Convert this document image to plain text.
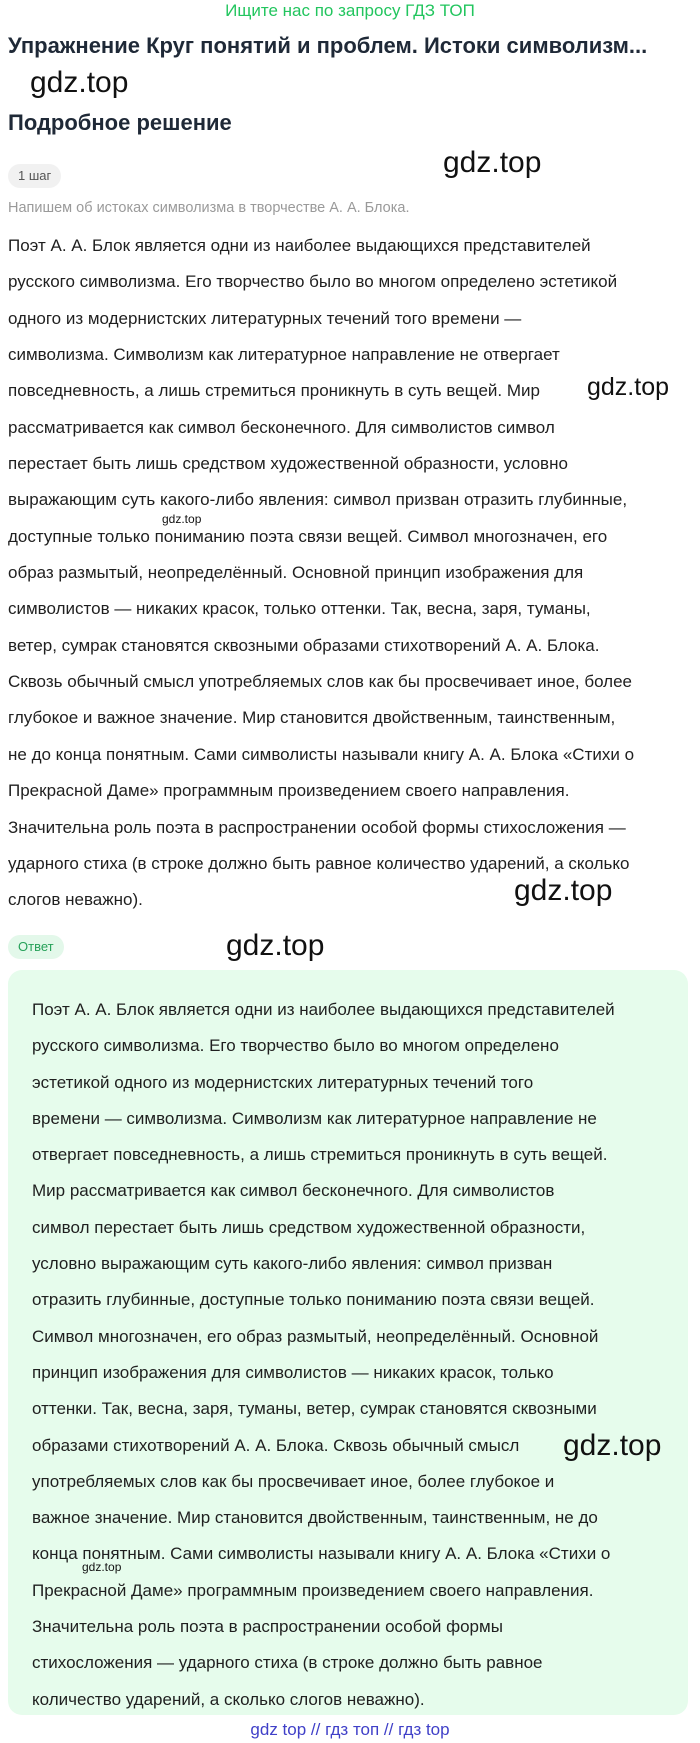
Ищите нас по запросу ГДЗ ТОП
Упражнение Круг понятий и проблем. Истоки символизм...
Подробное решение
1 шаг
Напишем об истоках символизма в творчестве А. А. Блока.

Поэт А. А. Блок является одни из наиболее выдающихся представителей
русского символизма. Его творчество было во многом определено эстетикой
одного из модернистских литературных течений того времени —
символизма. Символизм как литературное направление не отвергает
повседневность, а лишь стремиться проникнуть в суть вещей. Мир
рассматривается как символ бесконечного. Для символистов символ
перестает быть лишь средством художественной образности, условно
выражающим суть какого-либо явления: символ призван отразить глубинные,
доступные только пониманию поэта связи вещей. Символ многозначен, его
образ размытый, неопределённый. Основной принцип изображения для
символистов — никаких красок, только оттенки. Так, весна, заря, туманы,
ветер, сумрак становятся сквозными образами стихотворений А. А. Блока.
Сквозь обычный смысл употребляемых слов как бы просвечивает иное, более
глубокое и важное значение. Мир становится двойственным, таинственным,
не до конца понятным. Сами символисты называли книгу А. А. Блока «Стихи о
Прекрасной Даме» программным произведением своего направления.
Значительна роль поэта в распространении особой формы стихосложения —
ударного стиха (в строке должно быть равное количество ударений, а сколько
слогов неважно).

Ответ

Поэт А. А. Блок является одни из наиболее выдающихся представителей
русского символизма. Его творчество было во многом определено
эстетикой одного из модернистских литературных течений того
времени — символизма. Символизм как литературное направление не
отвергает повседневность, а лишь стремиться проникнуть в суть вещей.
Мир рассматривается как символ бесконечного. Для символистов
символ перестает быть лишь средством художественной образности,
условно выражающим суть какого-либо явления: символ призван
отразить глубинные, доступные только пониманию поэта связи вещей.
Символ многозначен, его образ размытый, неопределённый. Основной
принцип изображения для символистов — никаких красок, только
оттенки. Так, весна, заря, туманы, ветер, сумрак становятся сквозными
образами стихотворений А. А. Блока. Сквозь обычный смысл
употребляемых слов как бы просвечивает иное, более глубокое и
важное значение. Мир становится двойственным, таинственным, не до
конца понятным. Сами символисты называли книгу А. А. Блока «Стихи о
Прекрасной Даме» программным произведением своего направления.
Значительна роль поэта в распространении особой формы
стихосложения — ударного стиха (в строке должно быть равное
количество ударений, а сколько слогов неважно).

gdz.top
gdz.top
gdz.top
gdz.top
gdz.top
gdz.top
gdz.top
gdz.top
gdz top // гдз топ // гдз top
